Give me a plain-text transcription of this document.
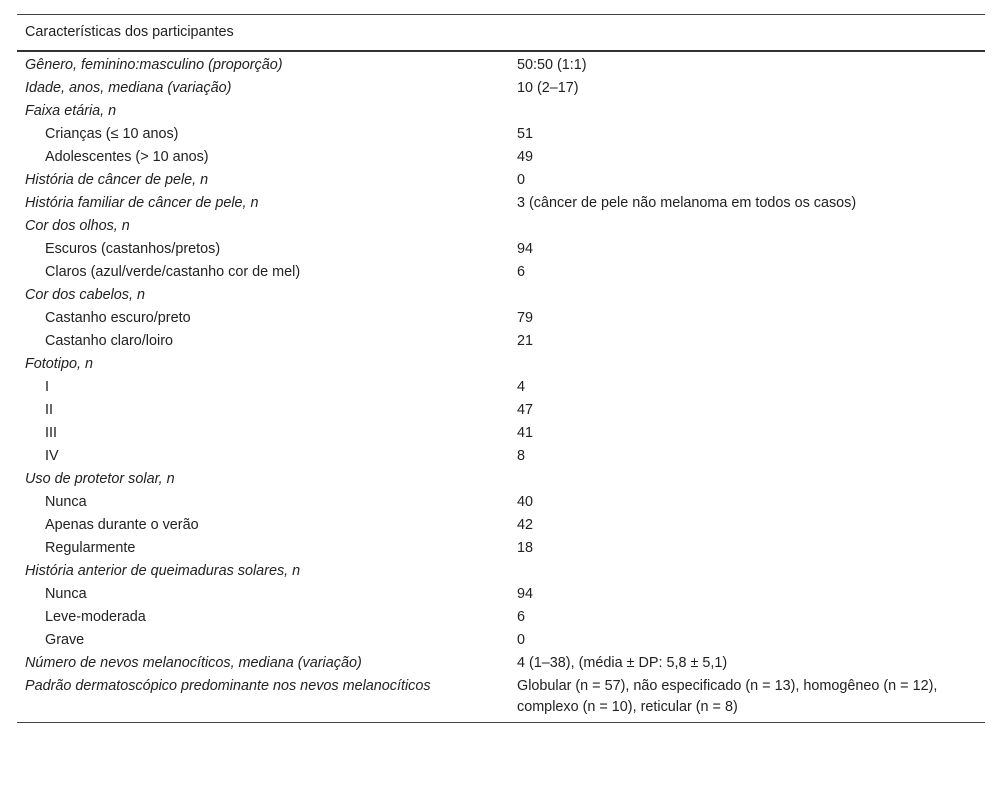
Características dos participantes	
Gênero, feminino:masculino (proporção)	50:50 (1:1)
Idade, anos, mediana (variação)	10 (2–17)
Faixa etária, n	
Crianças (≤ 10 anos)	51
Adolescentes (> 10 anos)	49
História de câncer de pele, n	0
História familiar de câncer de pele, n	3 (câncer de pele não melanoma em todos os casos)
Cor dos olhos, n	
Escuros (castanhos/pretos)	94
Claros (azul/verde/castanho cor de mel)	6
Cor dos cabelos, n	
Castanho escuro/preto	79
Castanho claro/loiro	21
Fototipo, n	
I	4
II	47
III	41
IV	8
Uso de protetor solar, n	
Nunca	40
Apenas durante o verão	42
Regularmente	18
História anterior de queimaduras solares, n	
Nunca	94
Leve-moderada	6
Grave	0
Número de nevos melanocíticos, mediana (variação)	4 (1–38), (média ± DP: 5,8 ± 5,1)
Padrão dermatoscópico predominante nos nevos melanocíticos	Globular (n = 57), não especificado (n = 13), homogêneo (n = 12), complexo (n = 10), reticular (n = 8)
